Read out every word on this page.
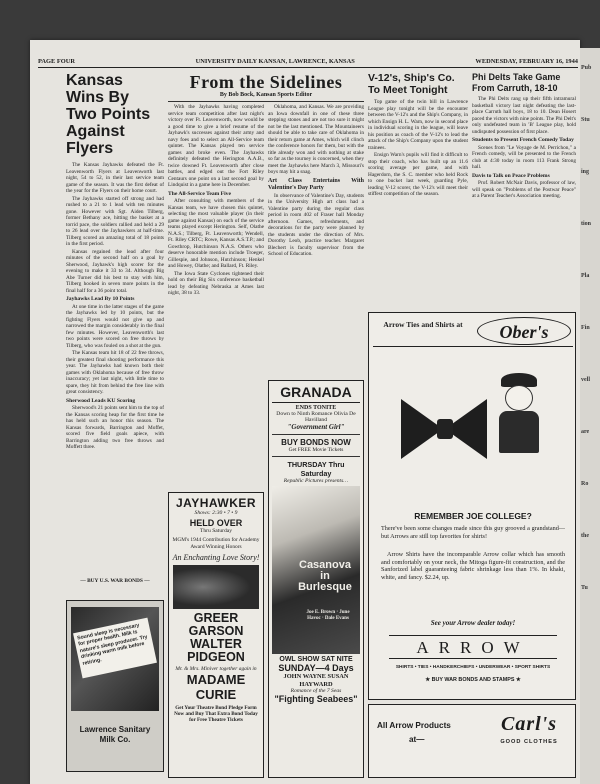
Pub
Stu
ing
tion
Pla
Fin
vell
are
Ro
the
Tu
PAGE FOUR	UNIVERSITY DAILY KANSAN, LAWRENCE, KANSAS	WEDNESDAY, FEBRUARY 16, 1944
Kansas Wins By Two Points Against Flyers

The Kansas Jayhawks defeated the Ft. Leavenworth Flyers at Leavenworth last night, 54 to 52, in their last service team game of the season. It was the first defeat of the year for the Flyers on their home court.

The Jayhawks started off strong and had rushed to a 21 to 1 lead with ten minutes gone. However with Sgt. Aiden Tilberg, former Bethany ace, hitting the basket at a torrid pace, the soldiers rallied and held a 29 to 26 lead over the Jayhawkers at half-time. Tilberg scored an amazing total of 18 points in the first period.

Kansas regained the lead after four minutes of the second half on a goal by Sherwood, Jayhawk's high scorer for the evening to make it 33 to 34. Although Big Abe Turner did his best to stay with him, Tilberg hooked in seven more points in the final half for a 36 point total.

Jayhawks Lead By 10 Points

At one time in the latter stages of the game the Jayhawks led by 10 points, but the fighting Flyers would not give up and narrowed the margin considerably in the final few minutes. However, Leavenworth's last two points were scored on free throws by Tilberg, who was fouled on a shot at the gun.

The Kansas team hit 18 of 22 free throws, their greatest final shooting performance this year. The Jayhawks had known both their games with Oklahoma because of free throw inaccuracy; yet last night, with little time to spare, they hit from behind the free line with great consistency.

Sherwood Leads KU Scoring

Sherwood's 21 points sent him to the top of the Kansas scoring heap for the first time he has held such an honor this season. The Kansas forwards, Barrington and Moffet, scored five field goals apiece, with Barrington adding two free throws and Moffett three.

— BUY U.S. WAR BONDS —
Sound sleep is necessary for proper health. Milk is nature's sleep producer. Try drinking warm milk before retiring.
Lawrence Sanitary Milk Co.
From the Sidelines
By Bob Bock, Kansan Sports Editor

With the Jayhawks having completed service team competition after last night's victory over Ft. Leavenworth, now would be a good time to give a brief resume of the Jayhawk's successes against their army and navy foes and to select an All-Service team quintet. The Kansas played ten service games and broke even. The Jayhawks definitely defeated the Herington A.A.B., twice downed Ft. Leavenworth after close battles, and edged out the Fort Riley Centaurs one point on a last second goal by Lindquist in a game here in December.

The All-Service Team Five

After consulting with members of the Kansas team, we have chosen this quintet, selecting the most valuable player (in their game against Kansas) on each of the service teams played except Herington. Self, Olathe N.A.S.; Tilberg, Ft. Leavenworth; Wendell, Ft. Riley CRTC; Rowe, Kansas A.S.T.P.; and Gowthrop, Hutchinson N.A.S. Others who deserve honorable mention include Troeger, Gillespie, and Johnson, Hutchinson; Henkel and Howey, Olathe; and Ballard, Ft. Riley.

The Iowa State Cyclones tightened their hold on their Big Six conference basketball lead by defeating Nebraska at Ames last night, 38 to 33.

JAYHAWKER
Shows: 2:30 • 7 • 9
HELD OVER
Thru Saturday
MGM's 1944 Contribution for Academy Award Winning Honors
An Enchanting Love Story!
GREER GARSON
WALTER PIDGEON
Mr. & Mrs. Miniver together again in
MADAME CURIE
Get Your Theatre Bond Pledge Form Now and Buy That Extra Bond Today for Free Theatre Tickets

Oklahoma, and Kansas. We are providing an Iowa downfall in one of these three stepping stones and are not too sure it might not be the last mentioned. The Mountaineers should be able to take care of Oklahoma in their return game at Ames, which will clinch the conference honors for them, but with the title already won and with nothing at stake so far as the tourney is concerned, when they meet the Jayhawks here March 3, Missouri's boys may hit a snag.

Art Class Entertains With Valentine's Day Party

In observance of Valentine's Day, students in the University High art class had a Valentine party during the regular class period in room 402 of Fraser hall Monday afternoon. Games, refreshments, and decorations for the party were planned by the students under the direction of Mrs. Dorothy Leob, practice teacher. Margaret Blechert is faculty supervisor from the School of Education.

GRANADA
ENDS TONITE
Down to Ninth Romance Olivia De Havilland
"Government Girl"
BUY BONDS NOW
Get FREE Movie Tickets
THURSDAY Thru Saturday
Republic Pictures presents…
Casanova in Burlesque
Joe E. Brown · June Havoc · Dale Evans
OWL SHOW SAT NITE
SUNDAY—4 Days
JOHN WAYNE SUSAN HAYWARD
Romance of the 7 Seas
"Fighting Seabees"
V-12's, Ship's Co. To Meet Tonight

Top game of the twin bill in Lawrence League play tonight will be the encounter between the V-12's and the Ship's Company, in which Ensign H. L. Warn, now in second place in individual scoring in the league, will leave his position as coach of the V-12's to lead the attack of the Ship's Company upon the student trainees.

Ensign Warn's pupils will find it difficult to stop their coach, who has built up an 11.6 scoring average per game, and with Hagerdorn, the S. C. member who held Rock to one bucket last week, guarding Pyle, leading V-12 scorer, the V-12's will meet their stiffest competition of the season.

Phi Delts Take Game From Carruth, 18-10

The Phi Delts rang up their fifth intramural basketball victory last night defeating the last-place Carruth hall boys, 18 to 10. Dean Hosert paced the victors with nine points. The Phi Delt's only undefeated team in 'B' League play, hold undisputed possession of first place.

Students to Present French Comedy Today

Scenes from "Le Voyage de M. Perrichon," a French comedy, will be presented to the French club at 4:30 today in room 113 Frank Strong hall.

Davis to Talk on Peace Problems

Prof. Robert McNair Davis, professor of law, will speak on "Problems of the Postwar Peace" at a Parent Teacher's Association meeting.

Arrow Ties and Shirts at	Ober's
REMEMBER JOE COLLEGE?
There've been some changes made since this guy grooved a grandstand—but Arrows are still top favorites for shirts!
Arrow Shirts have the incomparable Arrow collar which has smooth and comfortably on your neck, the Mitoga figure-fit construction, and the Sanforized label guaranteeing fabric shrinkage less than 1%. In khaki, white, and fancy. $2.24, up.
See your Arrow dealer today!
ARROW
SHIRTS • TIES • HANDKERCHIEFS • UNDERWEAR • SPORT SHIRTS
★ BUY WAR BONDS AND STAMPS ★
All Arrow Products
at—
Carl's
GOOD CLOTHES
